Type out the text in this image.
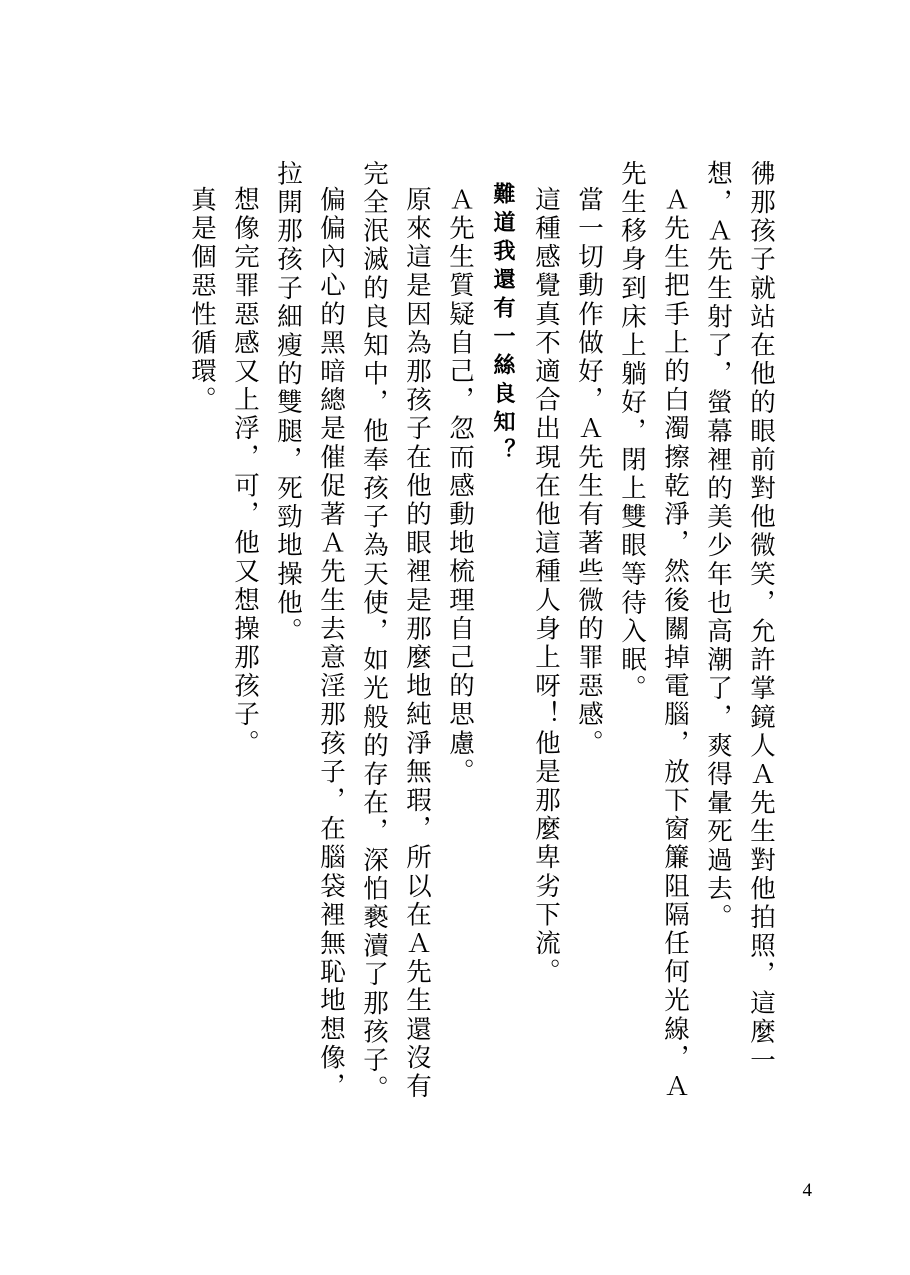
彿那孩子就站在他的眼前對他微笑，允許掌鏡人Ａ先生對他拍照，這麼一想，Ａ先生射了，螢幕裡的美少年也高潮了，爽得暈死過去。

Ａ先生把手上的白濁擦乾淨，然後關掉電腦，放下窗簾阻隔任何光線，Ａ先生移身到床上躺好，閉上雙眼等待入眠。

當一切動作做好，Ａ先生有著些微的罪惡感。

這種感覺真不適合出現在他這種人身上呀！他是那麼卑劣下流。

難道我還有一絲良知？

Ａ先生質疑自己，忽而感動地梳理自己的思慮。

原來這是因為那孩子在他的眼裡是那麼地純淨無瑕，所以在Ａ先生還沒有完全泯滅的良知中，他奉孩子為天使，如光般的存在，深怕褻瀆了那孩子。

偏偏內心的黑暗總是催促著Ａ先生去意淫那孩子，在腦袋裡無恥地想像，拉開那孩子細瘦的雙腿，死勁地操他。

想像完罪惡感又上浮，可，他又想操那孩子。

真是個惡性循環。

4
